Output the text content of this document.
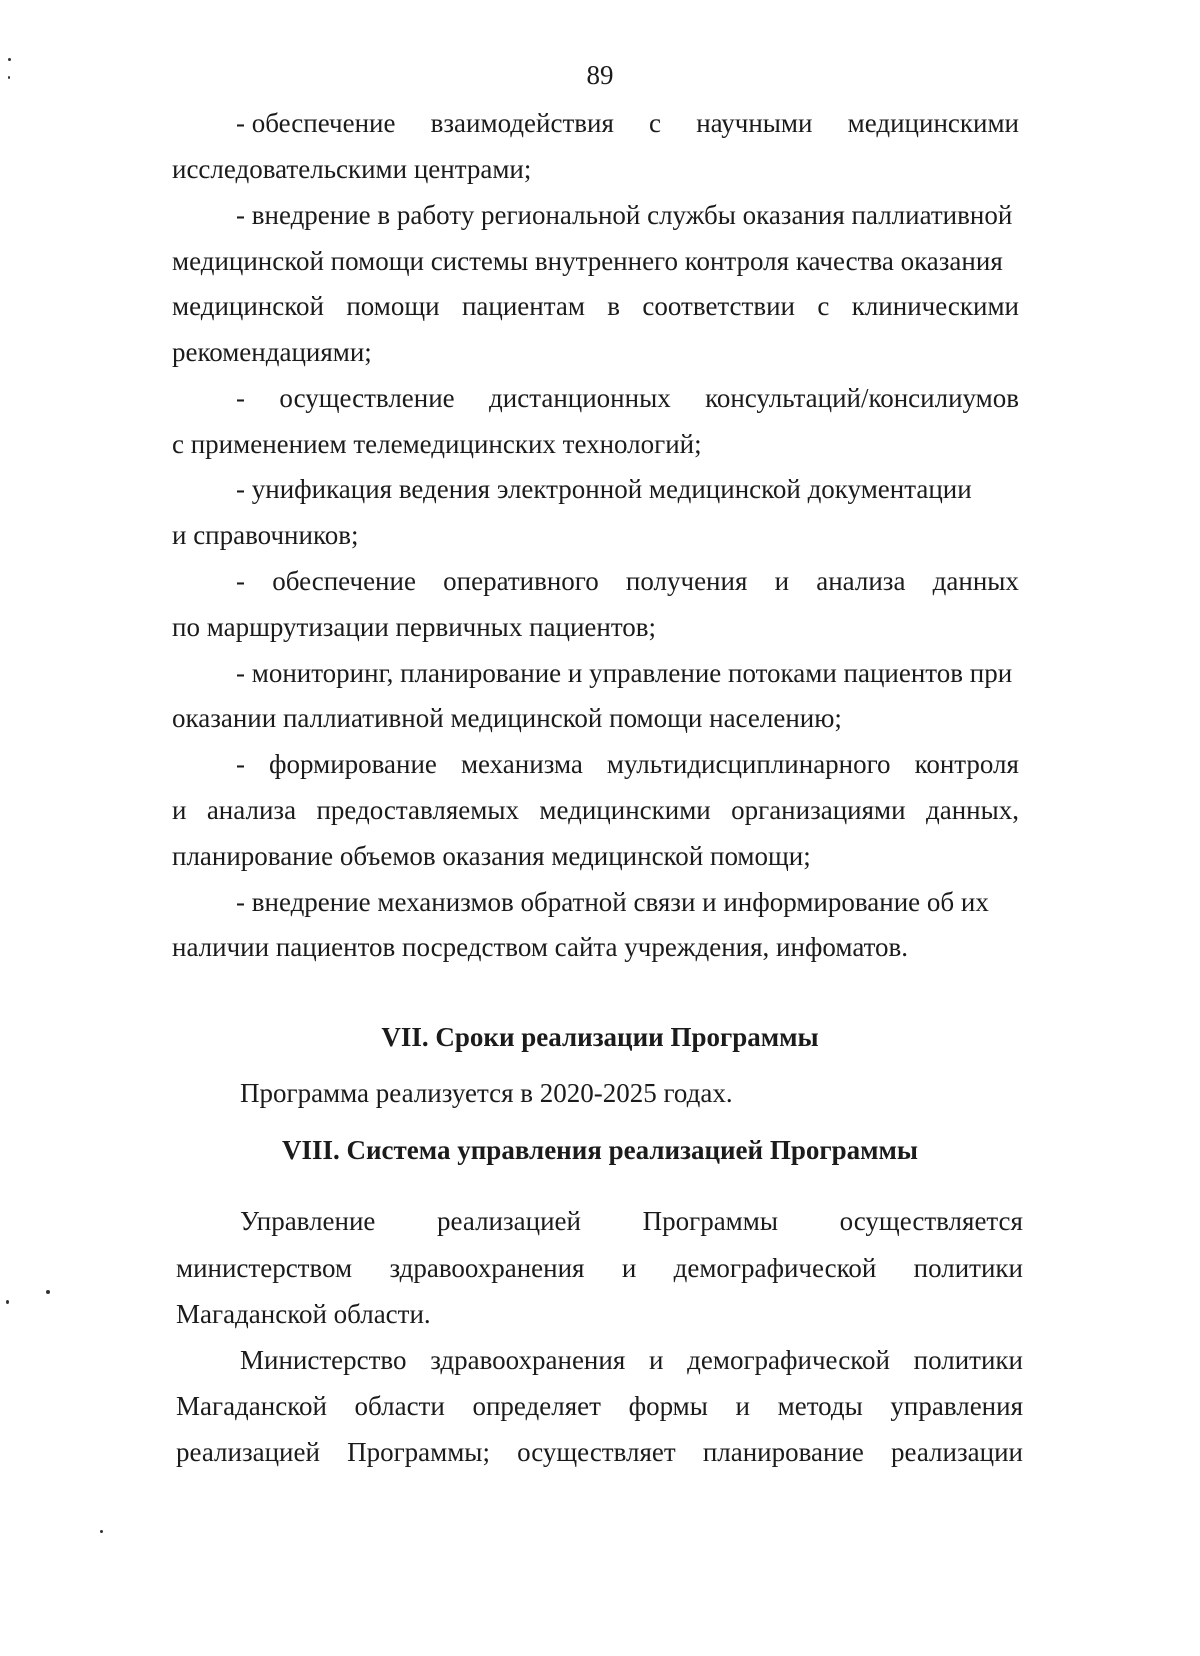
89
- обеспечение взаимодействия с научными медицинскими
исследовательскими центрами;
- внедрение в работу региональной службы оказания паллиативной
медицинской помощи системы внутреннего контроля качества оказания
медицинской помощи пациентам в соответствии с клиническими
рекомендациями;
- осуществление дистанционных консультаций/консилиумов
с применением телемедицинских технологий;
- унификация ведения электронной медицинской документации
и справочников;
- обеспечение оперативного получения и анализа данных
по маршрутизации первичных пациентов;
- мониторинг, планирование и управление потоками пациентов при
оказании паллиативной медицинской помощи населению;
- формирование механизма мультидисциплинарного контроля
и анализа предоставляемых медицинскими организациями данных,
планирование объемов оказания медицинской помощи;
- внедрение механизмов обратной связи и информирование об их
наличии пациентов посредством сайта учреждения, инфоматов.
VII. Сроки реализации Программы
Программа реализуется в 2020-2025 годах.
VIII. Система управления реализацией Программы
Управление реализацией Программы осуществляется
министерством здравоохранения и демографической политики
Магаданской области.
Министерство здравоохранения и демографической политики
Магаданской области определяет формы и методы управления
реализацией Программы; осуществляет планирование реализации
